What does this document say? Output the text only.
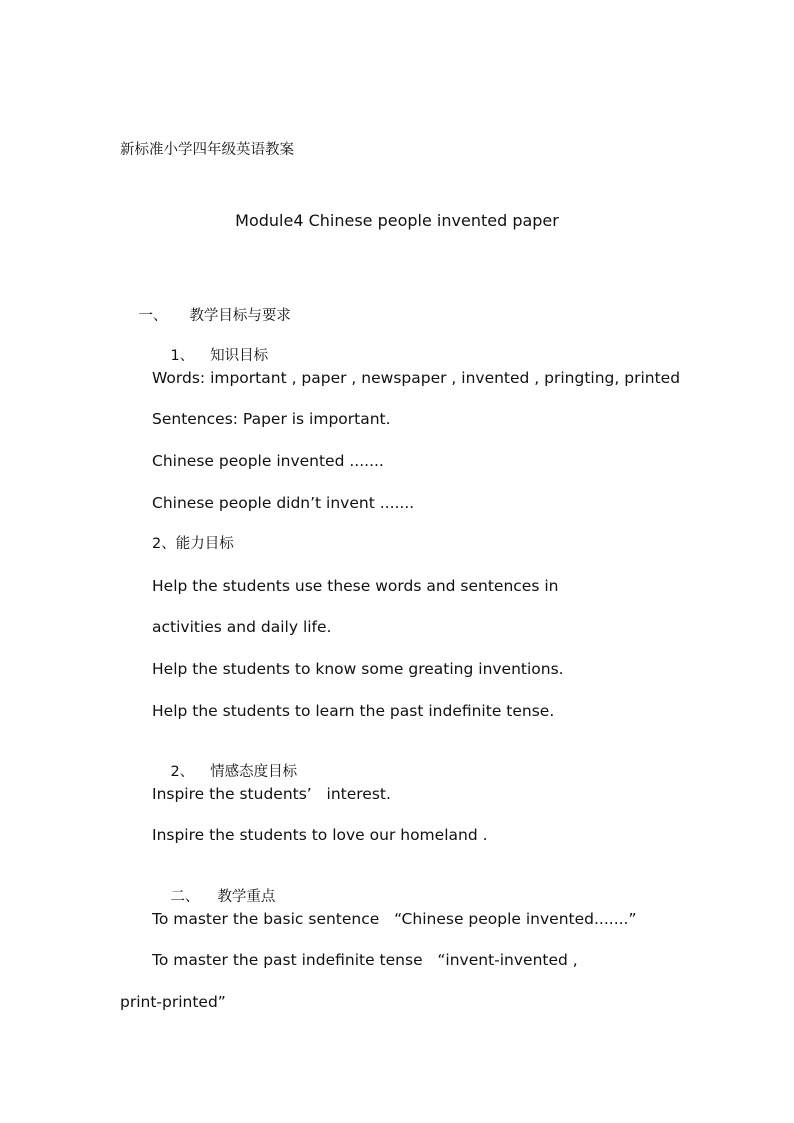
新标准小学四年级英语教案
Module4 Chinese people invented paper

一、 教学目标与要求

1、 知识目标

Words: important , paper , newspaper , invented , pringting, printed
Sentences: Paper is important.
Chinese people invented .......
Chinese people didn’t invent .......
2、能力目标
Help the students use these words and sentences in
activities and daily life.
Help the students to know some greating inventions.
Help the students to learn the past indefinite tense.

2、 情感态度目标

Inspire the students’   interest.
Inspire the students to love our homeland .

二、 教学重点

To master the basic sentence   “Chinese people invented.......”
To master the past indefinite tense   “invent-invented ,
print-printed”
